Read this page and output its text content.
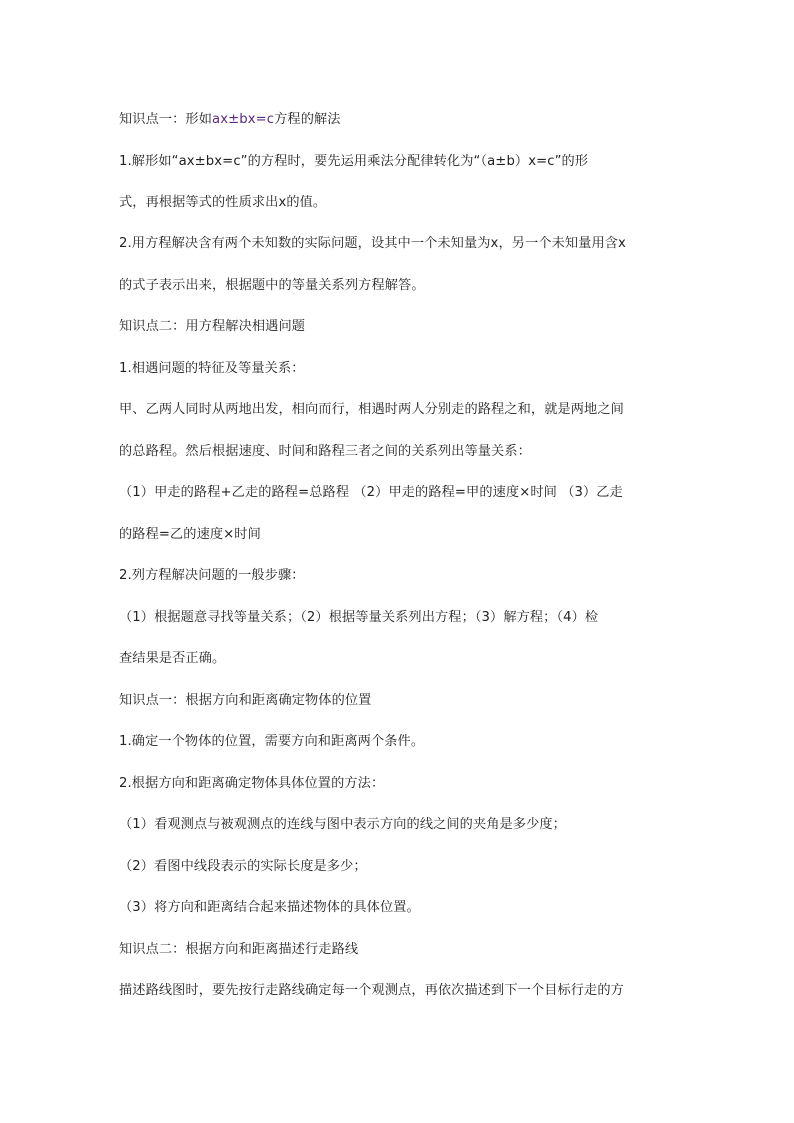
知识点一：形如ax±bx=c方程的解法
1.解形如“ax±bx=c”的方程时，要先运用乘法分配律转化为“（a±b）x=c”的形
式，再根据等式的性质求出x的值。
2.用方程解决含有两个未知数的实际问题，设其中一个未知量为x，另一个未知量用含x
的式子表示出来，根据题中的等量关系列方程解答。
知识点二：用方程解决相遇问题
1.相遇问题的特征及等量关系：
甲、乙两人同时从两地出发，相向而行，相遇时两人分别走的路程之和，就是两地之间
的总路程。然后根据速度、时间和路程三者之间的关系列出等量关系：
（1）甲走的路程+乙走的路程=总路程 （2）甲走的路程=甲的速度×时间 （3）乙走
的路程=乙的速度×时间
2.列方程解决问题的一般步骤：
（1）根据题意寻找等量关系；（2）根据等量关系列出方程；（3）解方程；（4）检
查结果是否正确。
知识点一：根据方向和距离确定物体的位置
1.确定一个物体的位置，需要方向和距离两个条件。
2.根据方向和距离确定物体具体位置的方法：
（1）看观测点与被观测点的连线与图中表示方向的线之间的夹角是多少度；
（2）看图中线段表示的实际长度是多少；
（3）将方向和距离结合起来描述物体的具体位置。
知识点二：根据方向和距离描述行走路线
描述路线图时，要先按行走路线确定每一个观测点，再依次描述到下一个目标行走的方
